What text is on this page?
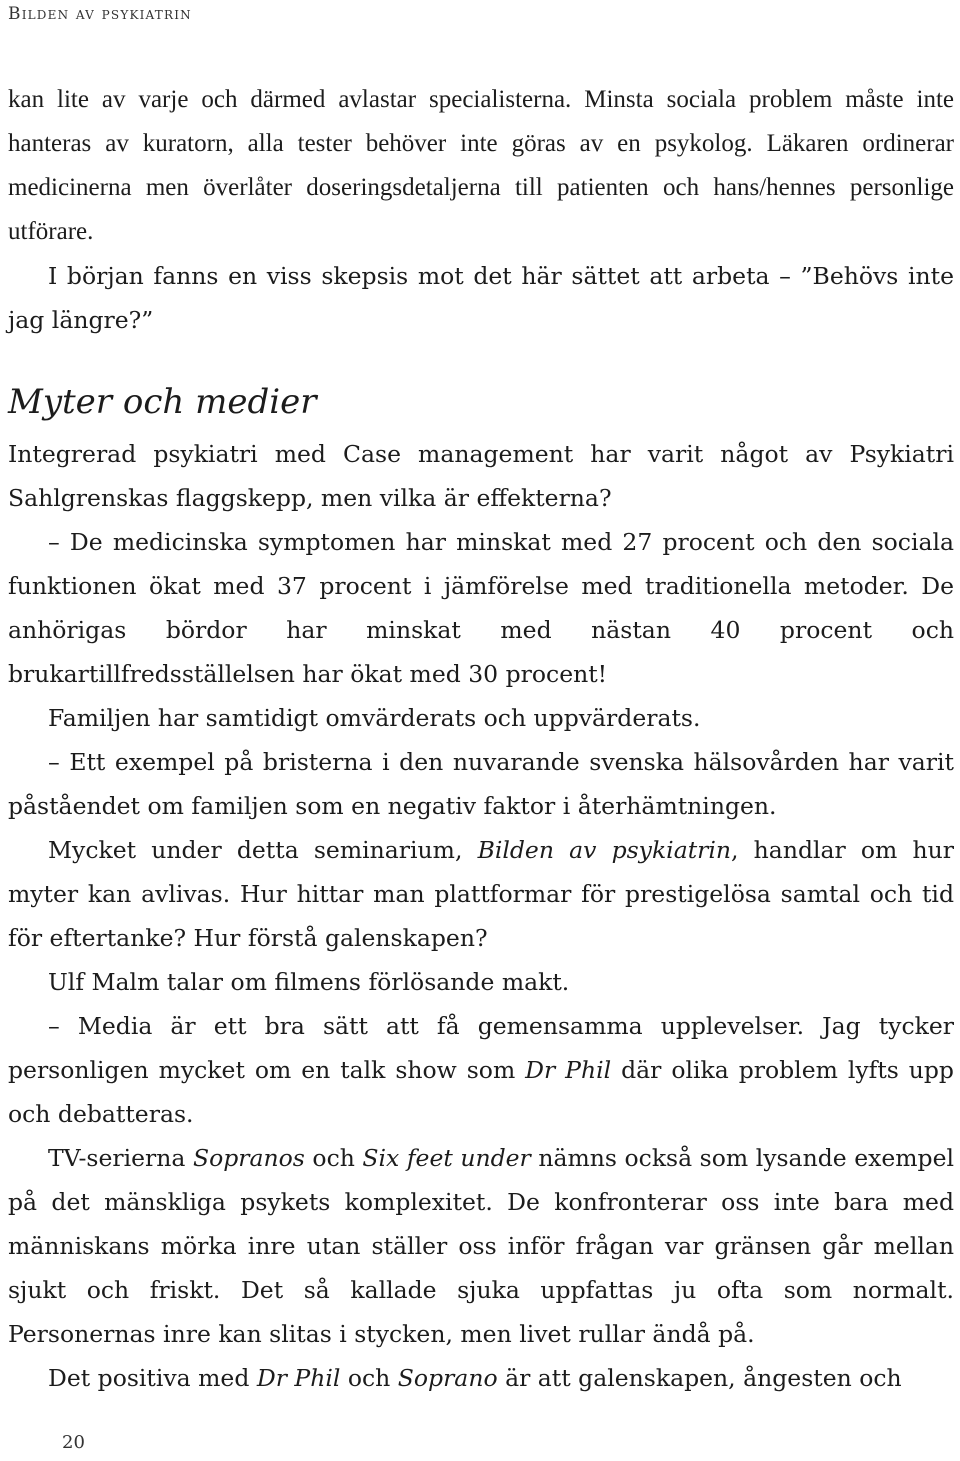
Bilden av psykiatrin

kan lite av varje och därmed avlastar specialisterna. Minsta sociala problem måste inte hanteras av kuratorn, alla tester behöver inte göras av en psykolog. Läkaren ordinerar medicinerna men överlåter doseringsdetaljerna till patienten och hans/hennes personlige utförare.

I början fanns en viss skepsis mot det här sättet att arbeta – ”Behövs inte jag längre?”

Myter och medier

Integrerad psykiatri med Case management har varit något av Psykiatri Sahlgrenskas flaggskepp, men vilka är effekterna?

– De medicinska symptomen har minskat med 27 procent och den sociala funktionen ökat med 37 procent i jämförelse med traditionella metoder. De anhörigas bördor har minskat med nästan 40 procent och brukartillfredsställelsen har ökat med 30 procent!

Familjen har samtidigt omvärderats och uppvärderats.

– Ett exempel på bristerna i den nuvarande svenska hälsovården har varit påståendet om familjen som en negativ faktor i återhämtningen.

Mycket under detta seminarium, Bilden av psykiatrin, handlar om hur myter kan avlivas. Hur hittar man plattformar för prestigelösa samtal och tid för eftertanke? Hur förstå galenskapen?

Ulf Malm talar om filmens förlösande makt.

– Media är ett bra sätt att få gemensamma upplevelser. Jag tycker personligen mycket om en talk show som Dr Phil där olika problem lyfts upp och debatteras.

TV-serierna Sopranos och Six feet under nämns också som lysande exempel på det mänskliga psykets komplexitet. De konfronterar oss inte bara med människans mörka inre utan ställer oss inför frågan var gränsen går mellan sjukt och friskt. Det så kallade sjuka uppfattas ju ofta som normalt. Personernas inre kan slitas i stycken, men livet rullar ändå på.

Det positiva med Dr Phil och Soprano är att galenskapen, ångesten och

20
